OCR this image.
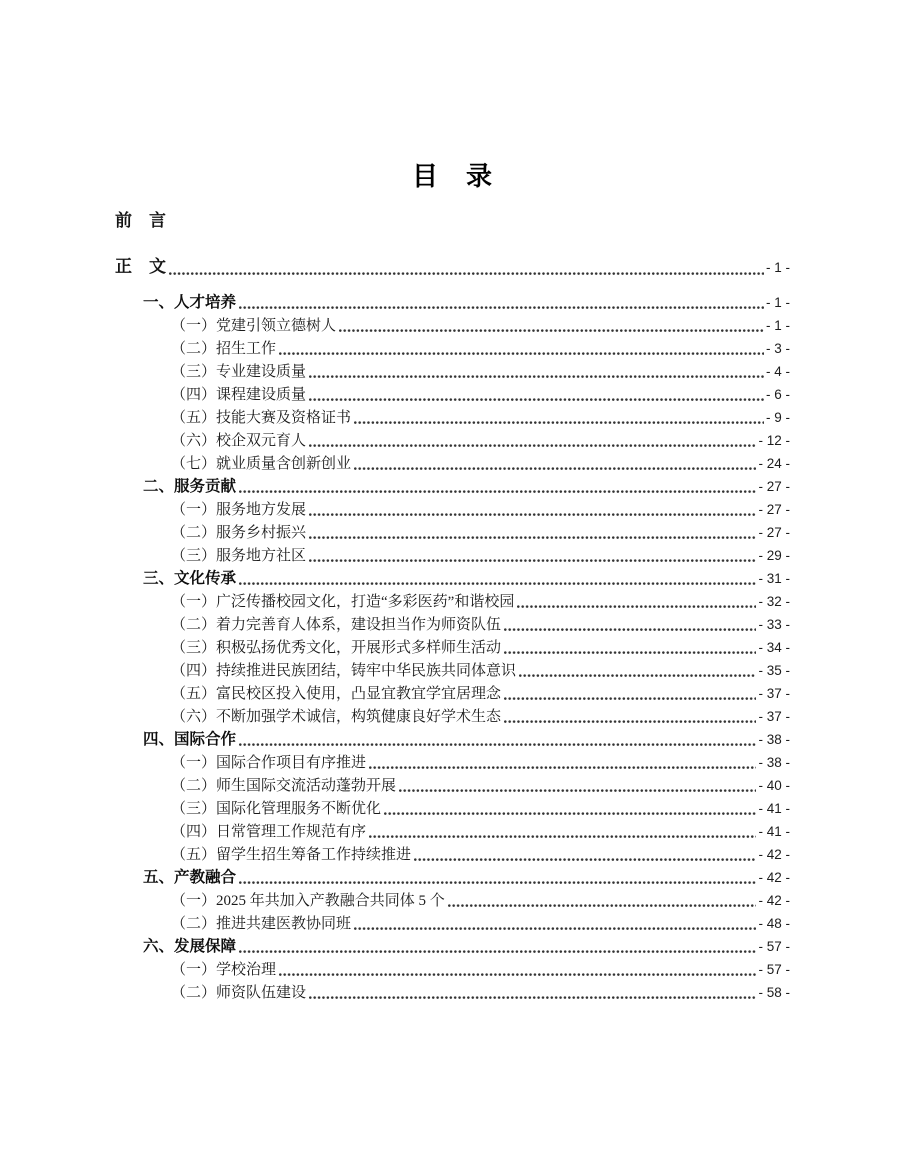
目　录
前　言
正　文	- 1 -
一、人才培养	- 1 -
（一）党建引领立德树人	- 1 -
（二）招生工作	- 3 -
（三）专业建设质量	- 4 -
（四）课程建设质量	- 6 -
（五）技能大赛及资格证书	- 9 -
（六）校企双元育人	- 12 -
（七）就业质量含创新创业	- 24 -
二、服务贡献	- 27 -
（一）服务地方发展	- 27 -
（二）服务乡村振兴	- 27 -
（三）服务地方社区	- 29 -
三、文化传承	- 31 -
（一）广泛传播校园文化，打造“多彩医药”和谐校园	- 32 -
（二）着力完善育人体系，建设担当作为师资队伍	- 33 -
（三）积极弘扬优秀文化，开展形式多样师生活动	- 34 -
（四）持续推进民族团结，铸牢中华民族共同体意识	- 35 -
（五）富民校区投入使用，凸显宜教宜学宜居理念	- 37 -
（六）不断加强学术诚信，构筑健康良好学术生态	- 37 -
四、国际合作	- 38 -
（一）国际合作项目有序推进	- 38 -
（二）师生国际交流活动蓬勃开展	- 40 -
（三）国际化管理服务不断优化	- 41 -
（四）日常管理工作规范有序	- 41 -
（五）留学生招生筹备工作持续推进	- 42 -
五、产教融合	- 42 -
（一）2025 年共加入产教融合共同体 5 个	- 42 -
（二）推进共建医教协同班	- 48 -
六、发展保障	- 57 -
（一）学校治理	- 57 -
（二）师资队伍建设	- 58 -
